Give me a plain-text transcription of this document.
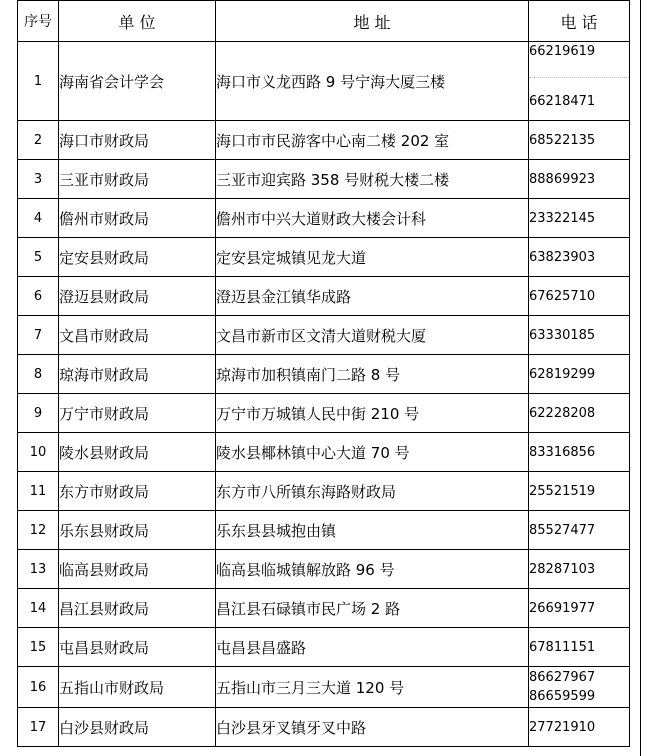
序号	单 位	地 址	电 话
1	海南省会计学会	海口市义龙西路 9 号宁海大厦三楼	66219619
66218471

2	海口市财政局	海口市市民游客中心南二楼 202 室	68522135

3	三亚市财政局	三亚市迎宾路 358 号财税大楼二楼	88869923

4	儋州市财政局	儋州市中兴大道财政大楼会计科	23322145

5	定安县财政局	定安县定城镇见龙大道	63823903

6	澄迈县财政局	澄迈县金江镇华成路	67625710

7	文昌市财政局	文昌市新市区文清大道财税大厦	63330185

8	琼海市财政局	琼海市加积镇南门二路 8 号	62819299

9	万宁市财政局	万宁市万城镇人民中街 210 号	62228208

10	陵水县财政局	陵水县椰林镇中心大道 70 号	83316856

11	东方市财政局	东方市八所镇东海路财政局	25521519

12	乐东县财政局	乐东县县城抱由镇	85527477

13	临高县财政局	临高县临城镇解放路 96 号	28287103

14	昌江县财政局	昌江县石碌镇市民广场 2 路	26691977

15	屯昌县财政局	屯昌县昌盛路	67811151

16	五指山市财政局	五指山市三月三大道 120 号	86627967
86659599

17	白沙县财政局	白沙县牙叉镇牙叉中路	27721910
